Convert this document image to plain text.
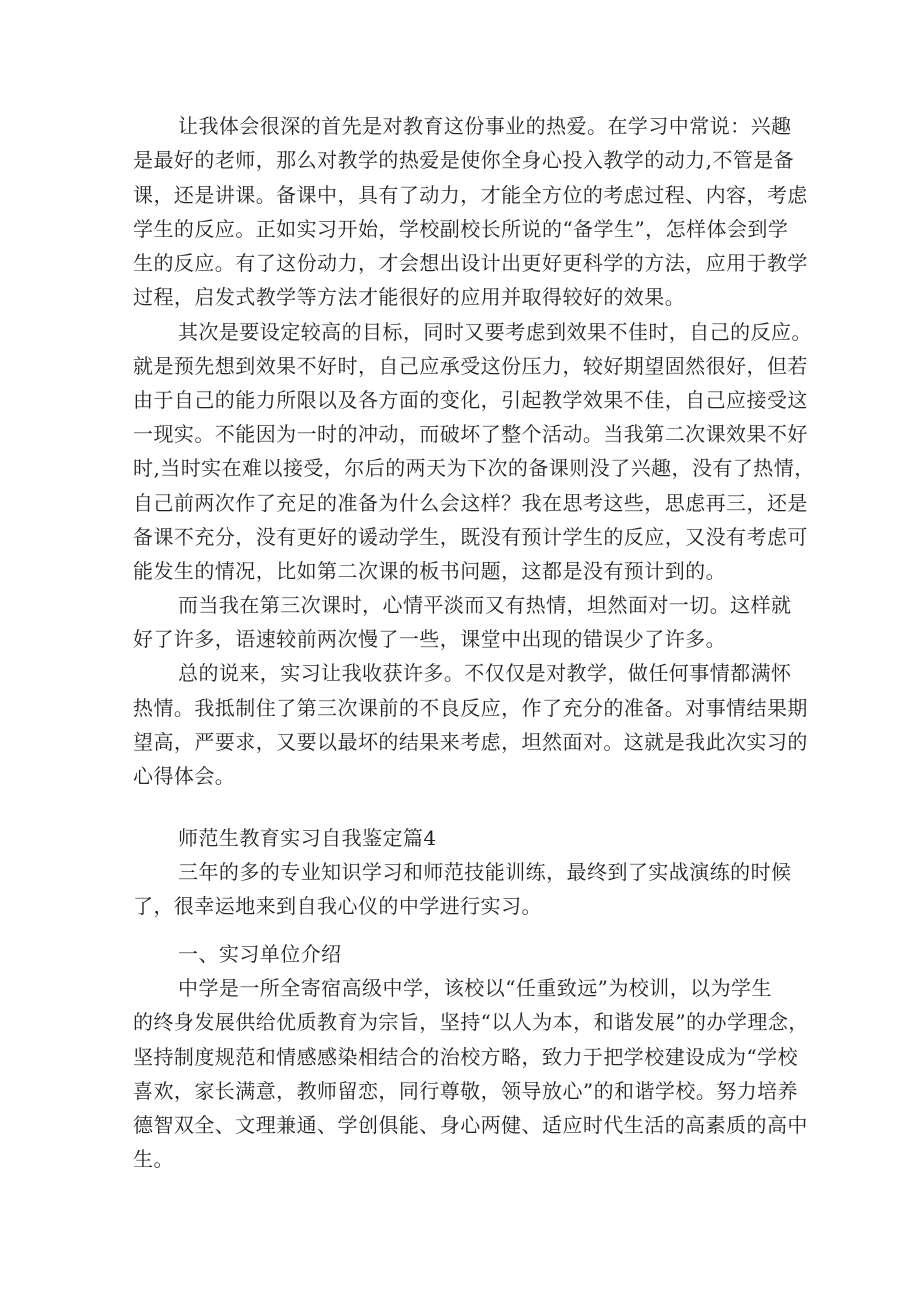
让我体会很深的首先是对教育这份事业的热爱。在学习中常说：兴趣
是最好的老师，那么对教学的热爱是使你全身心投入教学的动力,不管是备
课，还是讲课。备课中，具有了动力，才能全方位的考虑过程、内容，考虑
学生的反应。正如实习开始，学校副校长所说的“备学生”，怎样体会到学
生的反应。有了这份动力，才会想出设计出更好更科学的方法，应用于教学
过程，启发式教学等方法才能很好的应用并取得较好的效果。
其次是要设定较高的目标，同时又要考虑到效果不佳时，自己的反应。
就是预先想到效果不好时，自己应承受这份压力，较好期望固然很好，但若
由于自己的能力所限以及各方面的变化，引起教学效果不佳，自己应接受这
一现实。不能因为一时的冲动，而破坏了整个活动。当我第二次课效果不好
时,当时实在难以接受，尔后的两天为下次的备课则没了兴趣，没有了热情，
自己前两次作了充足的准备为什么会这样？我在思考这些，思虑再三，还是
备课不充分，没有更好的谖动学生，既没有预计学生的反应，又没有考虑可
能发生的情况，比如第二次课的板书问题，这都是没有预计到的。
而当我在第三次课时，心情平淡而又有热情，坦然面对一切。这样就
好了许多，语速较前两次慢了一些，课堂中出现的错误少了许多。
总的说来，实习让我收获许多。不仅仅是对教学，做任何事情都满怀
热情。我抵制住了第三次课前的不良反应，作了充分的准备。对事情结果期
望高，严要求，又要以最坏的结果来考虑，坦然面对。这就是我此次实习的
心得体会。
师范生教育实习自我鉴定篇4
三年的多的专业知识学习和师范技能训练，最终到了实战演练的时候
了，很幸运地来到自我心仪的中学进行实习。
一、实习单位介绍
中学是一所全寄宿高级中学，该校以“任重致远”为校训，以为学生
的终身发展供给优质教育为宗旨，坚持“以人为本，和谐发展”的办学理念，
坚持制度规范和情感感染相结合的治校方略，致力于把学校建设成为“学校
喜欢，家长满意，教师留恋，同行尊敬，领导放心”的和谐学校。努力培养
德智双全、文理兼通、学创俱能、身心两健、适应时代生活的高素质的高中
生。
